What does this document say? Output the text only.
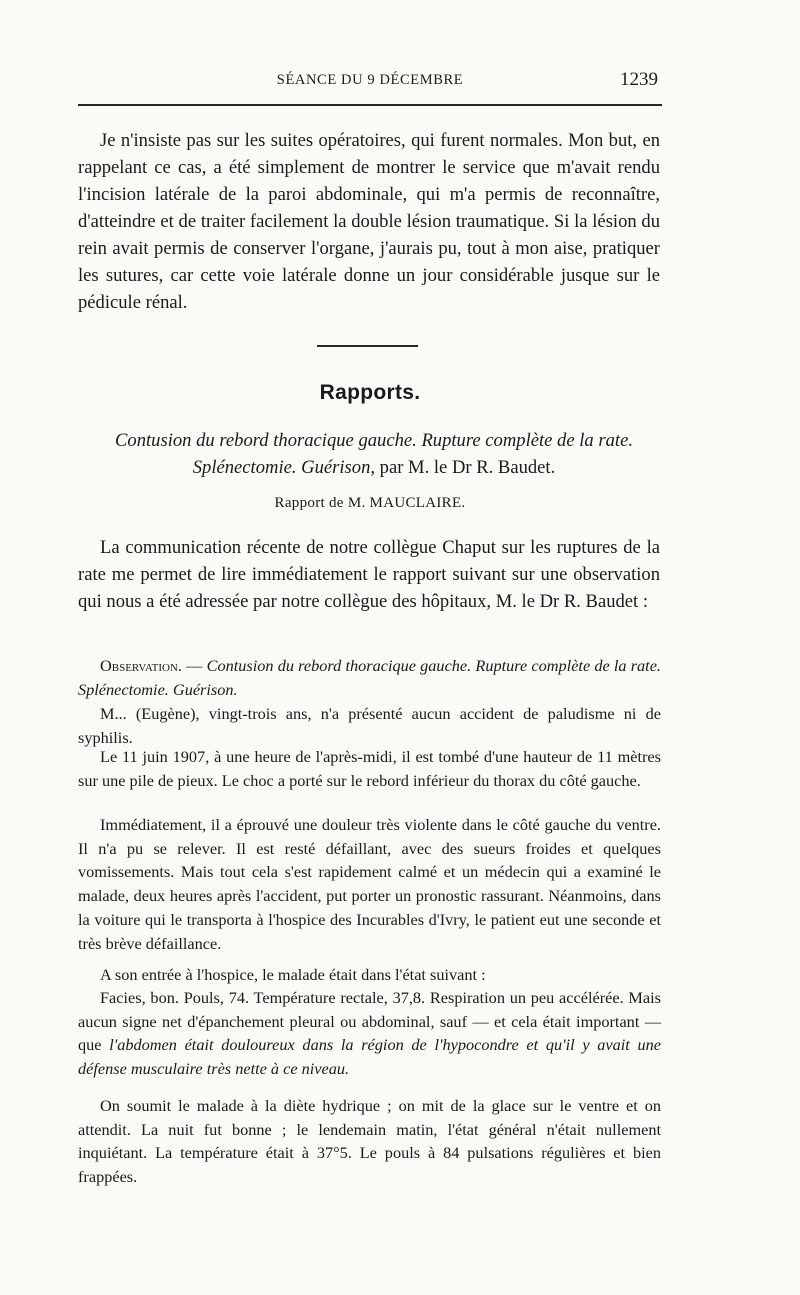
SÉANCE DU 9 DÉCEMBRE	1239

Je n'insiste pas sur les suites opératoires, qui furent normales. Mon but, en rappelant ce cas, a été simplement de montrer le service que m'avait rendu l'incision latérale de la paroi abdominale, qui m'a permis de reconnaître, d'atteindre et de traiter facilement la double lésion traumatique. Si la lésion du rein avait permis de conserver l'organe, j'aurais pu, tout à mon aise, pratiquer les sutures, car cette voie latérale donne un jour considérable jusque sur le pédicule rénal.

Rapports.

Contusion du rebord thoracique gauche. Rupture complète de la rate. Splénectomie. Guérison, par M. le Dr R. Baudet.

Rapport de M. MAUCLAIRE.

La communication récente de notre collègue Chaput sur les ruptures de la rate me permet de lire immédiatement le rapport suivant sur une observation qui nous a été adressée par notre collègue des hôpitaux, M. le Dr R. Baudet :

Observation. — Contusion du rebord thoracique gauche. Rupture complète de la rate. Splénectomie. Guérison.

M... (Eugène), vingt-trois ans, n'a présenté aucun accident de paludisme ni de syphilis.

Le 11 juin 1907, à une heure de l'après-midi, il est tombé d'une hauteur de 11 mètres sur une pile de pieux. Le choc a porté sur le rebord inférieur du thorax du côté gauche.

Immédiatement, il a éprouvé une douleur très violente dans le côté gauche du ventre. Il n'a pu se relever. Il est resté défaillant, avec des sueurs froides et quelques vomissements. Mais tout cela s'est rapidement calmé et un médecin qui a examiné le malade, deux heures après l'accident, put porter un pronostic rassurant. Néanmoins, dans la voiture qui le transporta à l'hospice des Incurables d'Ivry, le patient eut une seconde et très brève défaillance.

A son entrée à l'hospice, le malade était dans l'état suivant :

Facies, bon. Pouls, 74. Température rectale, 37,8. Respiration un peu accélérée. Mais aucun signe net d'épanchement pleural ou abdominal, sauf — et cela était important — que l'abdomen était douloureux dans la région de l'hypocondre et qu'il y avait une défense musculaire très nette à ce niveau.

On soumit le malade à la diète hydrique ; on mit de la glace sur le ventre et on attendit. La nuit fut bonne ; le lendemain matin, l'état général n'était nullement inquiétant. La température était à 37°5. Le pouls à 84 pulsations régulières et bien frappées.
